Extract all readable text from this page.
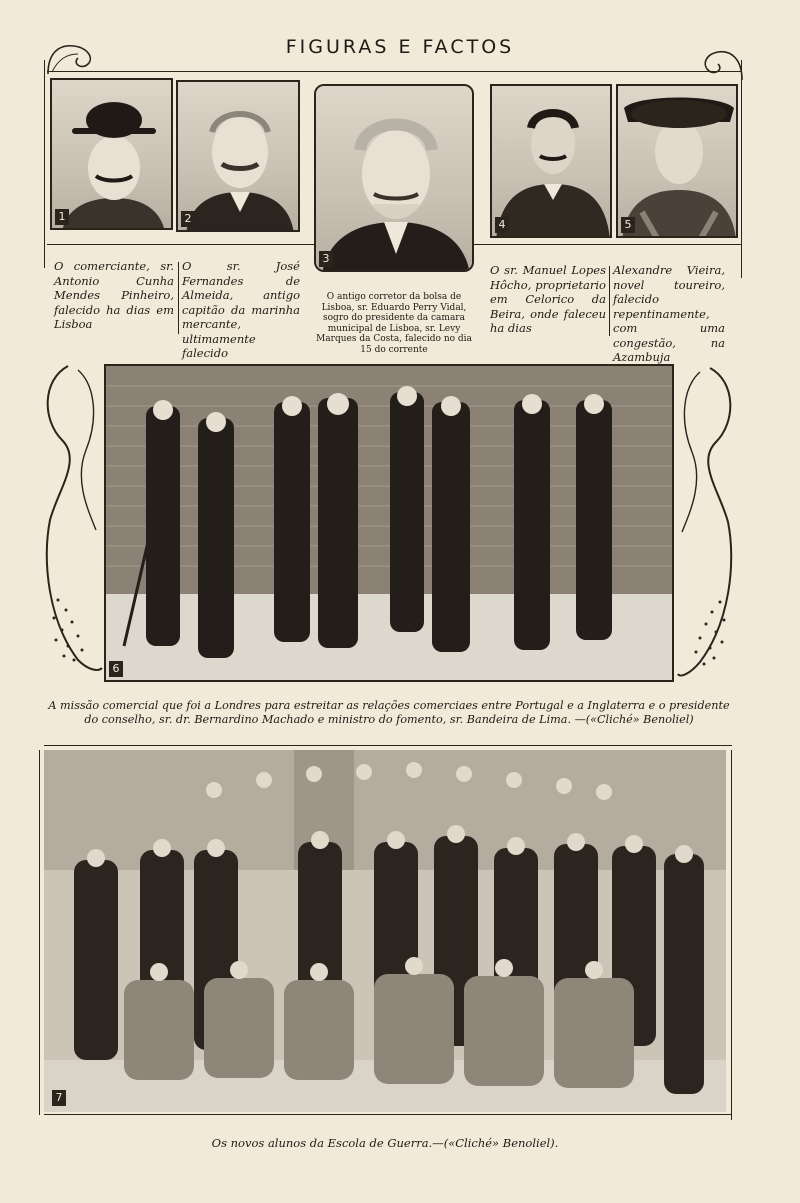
FIGURAS E FACTOS
1	2
3
4	5
O comerciante, sr. Antonio Cunha Mendes Pinheiro, falecido ha dias em Lisboa
O sr. José Fernandes de Almeida, antigo capitão da marinha mercante, ultimamente falecido
O antigo corretor da bolsa de Lisboa, sr. Eduardo Perry Vidal, sogro do presidente da camara municipal de Lisboa, sr. Levy Marques da Costa, falecido no dia 15 do corrente
O sr. Manuel Lopes Hôcho, proprietario em Celorico da Beira, onde faleceu ha dias
Alexandre Vieira, novel toureiro, falecido repentinamente, com uma congestão, na Azambuja
6
A missão comercial que foi a Londres para estreitar as relações comerciaes entre Portugal e a Inglaterra e o presidente do conselho, sr. dr. Bernardino Machado e ministro do fomento, sr. Bandeira de Lima. —(«Cliché» Benoliel)
7
Os novos alunos da Escola de Guerra.—(«Cliché» Benoliel).
